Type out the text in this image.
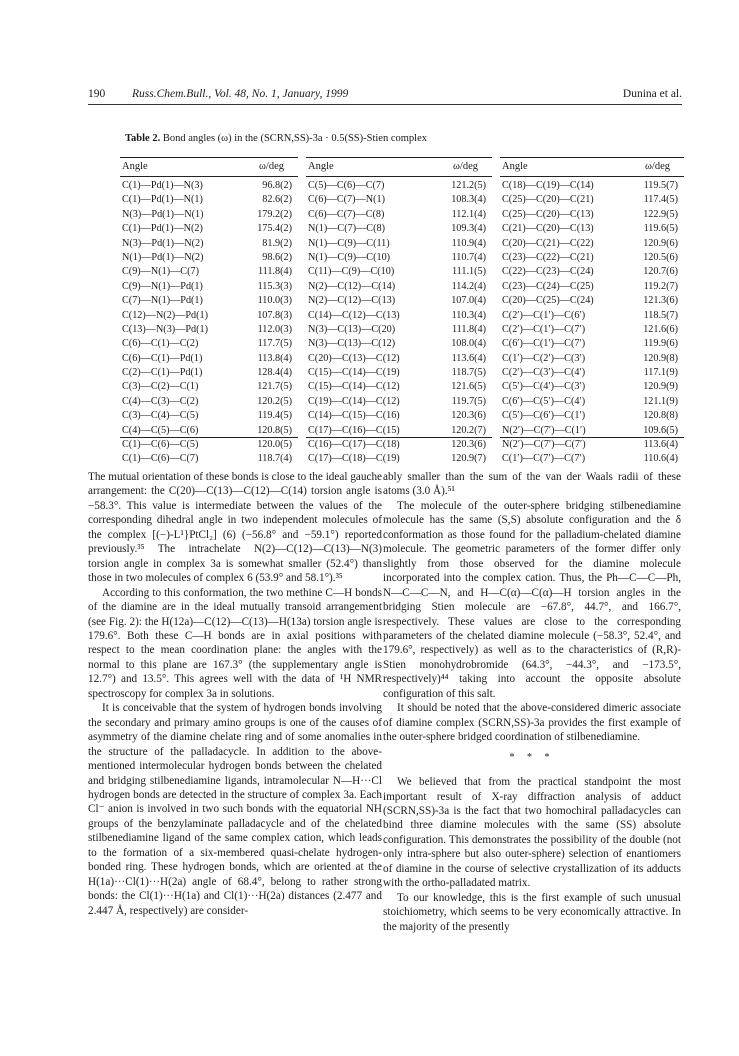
190 Russ.Chem.Bull., Vol. 48, No. 1, January, 1999	Dunina et al.
Table 2. Bond angles (ω) in the (SCRN,SS)-3a · 0.5(SS)-Stien complex
Angle	ω/deg
C(1)—Pd(1)—N(3)	96.8(2)
C(1)—Pd(1)—N(1)	82.6(2)
N(3)—Pd(1)—N(1)	179.2(2)
C(1)—Pd(1)—N(2)	175.4(2)
N(3)—Pd(1)—N(2)	81.9(2)
N(1)—Pd(1)—N(2)	98.6(2)
C(9)—N(1)—C(7)	111.8(4)
C(9)—N(1)—Pd(1)	115.3(3)
C(7)—N(1)—Pd(1)	110.0(3)
C(12)—N(2)—Pd(1)	107.8(3)
C(13)—N(3)—Pd(1)	112.0(3)
C(6)—C(1)—C(2)	117.7(5)
C(6)—C(1)—Pd(1)	113.8(4)
C(2)—C(1)—Pd(1)	128.4(4)
C(3)—C(2)—C(1)	121.7(5)
C(4)—C(3)—C(2)	120.2(5)
C(3)—C(4)—C(5)	119.4(5)
C(4)—C(5)—C(6)	120.8(5)
C(1)—C(6)—C(5)	120.0(5)
C(1)—C(6)—C(7)	118.7(4)
Angle	ω/deg
C(5)—C(6)—C(7)	121.2(5)
C(6)—C(7)—N(1)	108.3(4)
C(6)—C(7)—C(8)	112.1(4)
N(1)—C(7)—C(8)	109.3(4)
N(1)—C(9)—C(11)	110.9(4)
N(1)—C(9)—C(10)	110.7(4)
C(11)—C(9)—C(10)	111.1(5)
N(2)—C(12)—C(14)	114.2(4)
N(2)—C(12)—C(13)	107.0(4)
C(14)—C(12)—C(13)	110.3(4)
N(3)—C(13)—C(20)	111.8(4)
N(3)—C(13)—C(12)	108.0(4)
C(20)—C(13)—C(12)	113.6(4)
C(15)—C(14)—C(19)	118.7(5)
C(15)—C(14)—C(12)	121.6(5)
C(19)—C(14)—C(12)	119.7(5)
C(14)—C(15)—C(16)	120.3(6)
C(17)—C(16)—C(15)	120.2(7)
C(16)—C(17)—C(18)	120.3(6)
C(17)—C(18)—C(19)	120.9(7)
Angle	ω/deg
C(18)—C(19)—C(14)	119.5(7)
C(25)—C(20)—C(21)	117.4(5)
C(25)—C(20)—C(13)	122.9(5)
C(21)—C(20)—C(13)	119.6(5)
C(20)—C(21)—C(22)	120.9(6)
C(23)—C(22)—C(21)	120.5(6)
C(22)—C(23)—C(24)	120.7(6)
C(23)—C(24)—C(25)	119.2(7)
C(20)—C(25)—C(24)	121.3(6)
C(2′)—C(1′)—C(6′)	118.5(7)
C(2′)—C(1′)—C(7′)	121.6(6)
C(6′)—C(1′)—C(7′)	119.9(6)
C(1′)—C(2′)—C(3′)	120.9(8)
C(2′)—C(3′)—C(4′)	117.1(9)
C(5′)—C(4′)—C(3′)	120.9(9)
C(6′)—C(5′)—C(4′)	121.1(9)
C(5′)—C(6′)—C(1′)	120.8(8)
N(2′)—C(7′)—C(1′)	109.6(5)
N(2′)—C(7′)—C(7′)	113.6(4)
C(1′)—C(7′)—C(7′)	110.6(4)

The mutual orientation of these bonds is close to the ideal gauche arrangement: the C(20)—C(13)—C(12)—C(14) torsion angle is −58.3°. This value is intermediate between the values of the corresponding dihedral angle in two independent molecules of the complex [(−)-L¹}PtCl₂] (6) (−56.8° and −59.1°) reported previously.³⁵ The intrachelate N(2)—C(12)—C(13)—N(3) torsion angle in complex 3a is somewhat smaller (52.4°) than those in two molecules of complex 6 (53.9° and 58.1°).³⁵

According to this conformation, the two methine C—H bonds of the diamine are in the ideal mutually transoid arrangement (see Fig. 2): the H(12a)—C(12)—C(13)—H(13a) torsion angle is 179.6°. Both these C—H bonds are in axial positions with respect to the mean coordination plane: the angles with the normal to this plane are 167.3° (the supplementary angle is 12.7°) and 13.5°. This agrees well with the data of ¹H NMR spectroscopy for complex 3a in solutions.

It is conceivable that the system of hydrogen bonds involving the secondary and primary amino groups is one of the causes of asymmetry of the diamine chelate ring and of some anomalies in the structure of the palladacycle. In addition to the above-mentioned intermolecular hydrogen bonds between the chelated and bridging stilbenediamine ligands, intramolecular N—H···Cl hydrogen bonds are detected in the structure of complex 3a. Each Cl⁻ anion is involved in two such bonds with the equatorial NH groups of the benzylaminate palladacycle and of the chelated stilbenediamine ligand of the same complex cation, which leads to the formation of a six-membered quasi-chelate hydrogen-bonded ring. These hydrogen bonds, which are oriented at the H(1a)···Cl(1)···H(2a) angle of 68.4°, belong to rather strong bonds: the Cl(1)···H(1a) and Cl(1)···H(2a) distances (2.477 and 2.447 Å, respectively) are consider-

ably smaller than the sum of the van der Waals radii of these atoms (3.0 Å).⁵¹

The molecule of the outer-sphere bridging stilbenediamine molecule has the same (S,S) absolute configuration and the δ conformation as those found for the palladium-chelated diamine molecule. The geometric parameters of the former differ only slightly from those observed for the diamine molecule incorporated into the complex cation. Thus, the Ph—C—C—Ph, N—C—C—N, and H—C(α)—C(α)—H torsion angles in the bridging Stien molecule are −67.8°, 44.7°, and 166.7°, respectively. These values are close to the corresponding parameters of the chelated diamine molecule (−58.3°, 52.4°, and 179.6°, respectively) as well as to the characteristics of (R,R)-Stien monohydrobromide (64.3°, −44.3°, and −173.5°, respectively)⁴⁴ taking into account the opposite absolute configuration of this salt.

It should be noted that the above-considered dimeric associate of diamine complex (SCRN,SS)-3a provides the first example of the outer-sphere bridged coordination of stilbenediamine.

* * *

We believed that from the practical standpoint the most important result of X-ray diffraction analysis of adduct (SCRN,SS)-3a is the fact that two homochiral palladacycles can bind three diamine molecules with the same (SS) absolute configuration. This demonstrates the possibility of the double (not only intra-sphere but also outer-sphere) selection of enantiomers of diamine in the course of selective crystallization of its adducts with the ortho-palladated matrix.

To our knowledge, this is the first example of such unusual stoichiometry, which seems to be very economically attractive. In the majority of the presently
